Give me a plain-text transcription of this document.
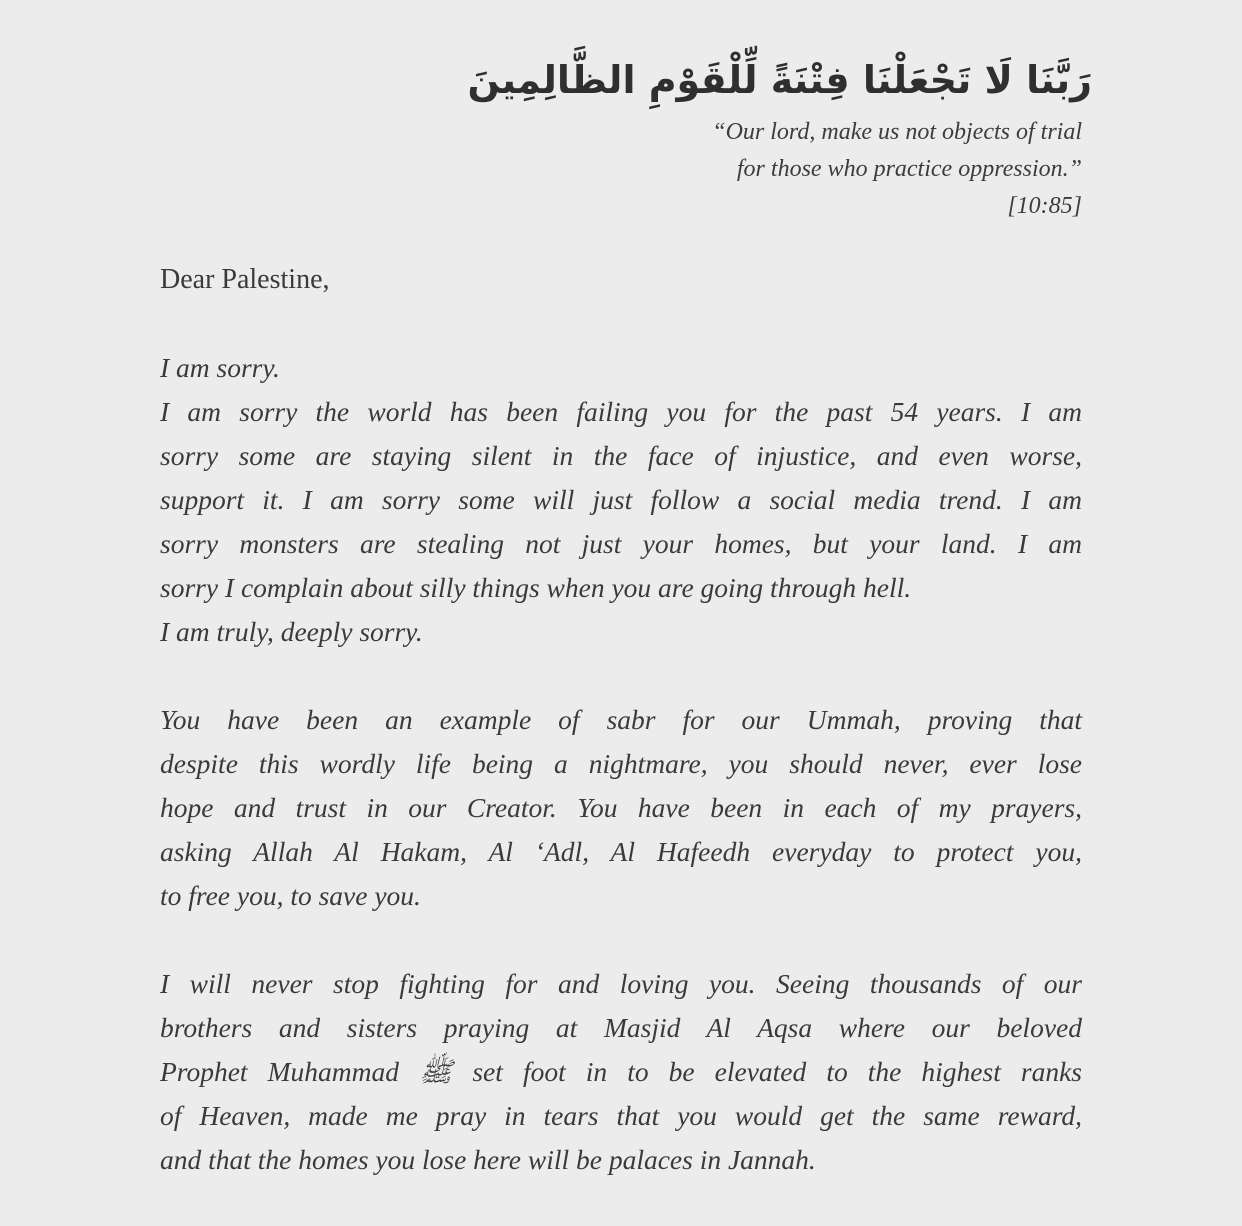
رَبَّنَا لَا تَجْعَلْنَا فِتْنَةً لِّلْقَوْمِ الظَّالِمِينَ

“Our lord, make us not objects of trial
for those who practice oppression.”
[10:85]

Dear Palestine,

I am sorry.
I am sorry the world has been failing you for the past 54 years. I am
sorry some are staying silent in the face of injustice, and even worse,
support it. I am sorry some will just follow a social media trend. I am
sorry monsters are stealing not just your homes, but your land. I am
sorry I complain about silly things when you are going through hell.
I am truly, deeply sorry.
You have been an example of sabr for our Ummah, proving that
despite this wordly life being a nightmare, you should never, ever lose
hope and trust in our Creator. You have been in each of my prayers,
asking Allah Al Hakam, Al ‘Adl, Al Hafeedh everyday to protect you,
to free you, to save you.
I will never stop fighting for and loving you. Seeing thousands of our
brothers and sisters praying at Masjid Al Aqsa where our beloved
Prophet Muhammad ﷺ set foot in to be elevated to the highest ranks
of Heaven, made me pray in tears that you would get the same reward,
and that the homes you lose here will be palaces in Jannah.
